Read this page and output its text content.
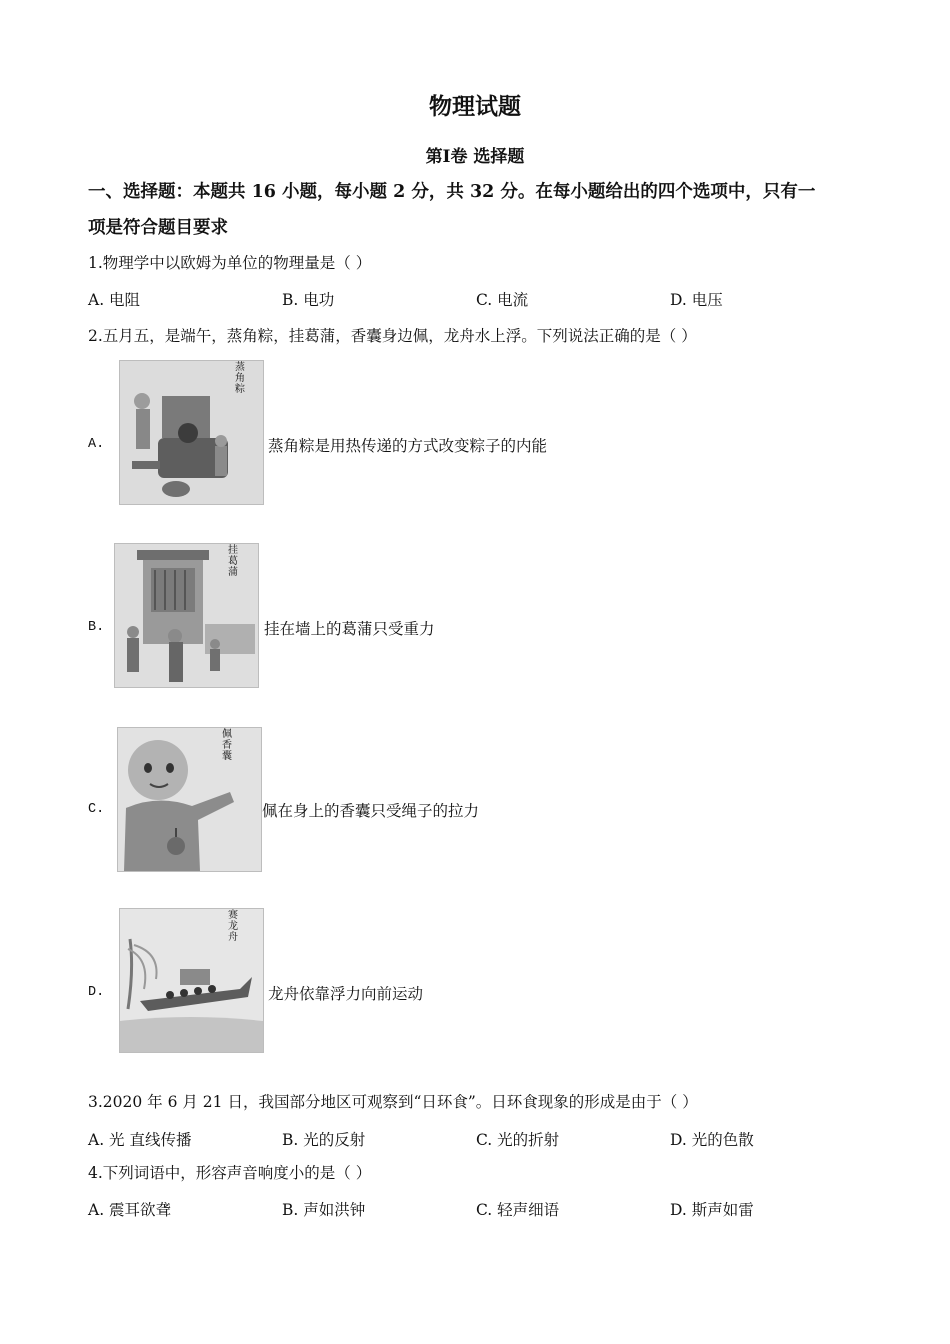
物理试题
第I卷 选择题
一、选择题：本题共 16 小题，每小题 2 分，共 32 分。在每小题给出的四个选项中，只有一
项是符合题目要求
1.物理学中以欧姆为单位的物理量是（ ）
A. 电阻	B. 电功	C. 电流	D. 电压
2.五月五，是端午，蒸角粽，挂葛蒲，香囊身边佩，龙舟水上浮。下列说法正确的是（ ）
A.
蒸角粽
蒸角粽是用热传递的方式改变粽子的内能
B.
挂葛蒲
挂在墙上的葛蒲只受重力
C.
佩香囊
佩在身上的香囊只受绳子的拉力
D.
赛龙舟
龙舟依靠浮力向前运动
3.2020 年 6 月 21 日，我国部分地区可观察到“日环食”。日环食现象的形成是由于（ ）
A. 光 直线传播	B. 光的反射	C. 光的折射	D. 光的色散
4.下列词语中，形容声音响度小的是（ ）
A. 震耳欲聋	B. 声如洪钟	C. 轻声细语	D. 斯声如雷
